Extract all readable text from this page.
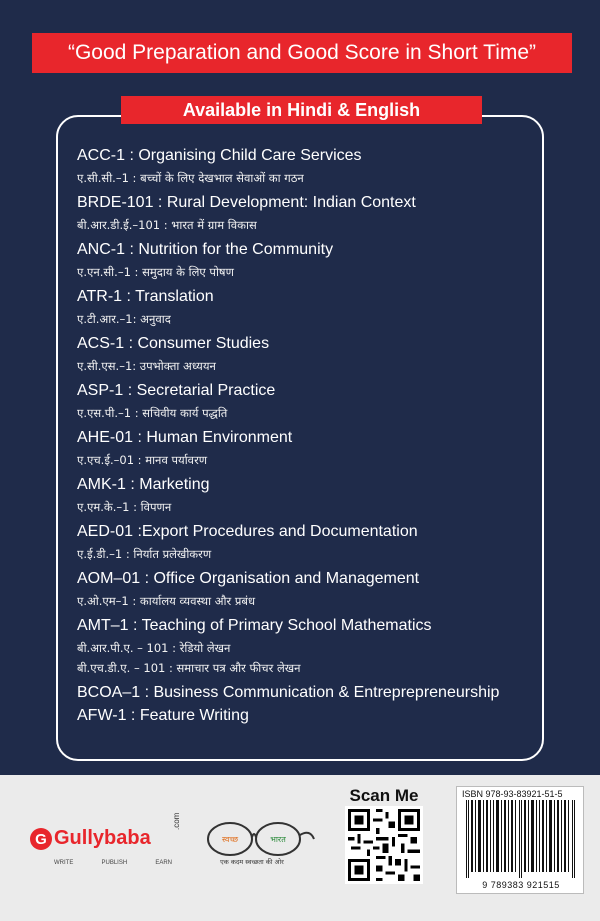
“Good Preparation and Good Score in Short Time”
Available in Hindi & English
ACC-1 : Organising Child Care Services
ए.सी.सी.–1 : बच्चों के लिए देखभाल सेवाओं का गठन
BRDE-101 : Rural Development: Indian Context
बी.आर.डी.ई.–101 : भारत में ग्राम विकास
ANC-1 : Nutrition for the Community
ए.एन.सी.–1 : समुदाय के लिए पोषण
ATR-1 : Translation
ए.टी.आर.–1: अनुवाद
ACS-1 : Consumer Studies
ए.सी.एस.–1: उपभोक्ता अध्ययन
ASP-1 : Secretarial Practice
ए.एस.पी.–1 : सचिवीय कार्य पद्धति
AHE-01 : Human Environment
ए.एच.ई.–01 : मानव पर्यावरण
AMK-1 : Marketing
ए.एम.के.–1 : विपणन
AED-01 :Export Procedures and Documentation
ए.ई.डी.–1 : निर्यात प्रलेखीकरण
AOM–01 : Office Organisation and Management
ए.ओ.एम–1 : कार्यालय व्यवस्था और प्रबंध
AMT–1 : Teaching of Primary School Mathematics
बी.आर.पी.ए. – 101 : रेडियो लेखन
बी.एच.डी.ए. – 101 : समाचार पत्र और फीचर लेखन
BCOA–1 : Business Communication & Entreprepreneurship
AFW-1 : Feature Writing
G Gullybaba
.com
WRITE	PUBLISH	EARN
स्वच्छ	भारत
एक कदम स्वच्छता की ओर
Scan Me	ISBN 978-93-83921-51-5
9 789383 921515
